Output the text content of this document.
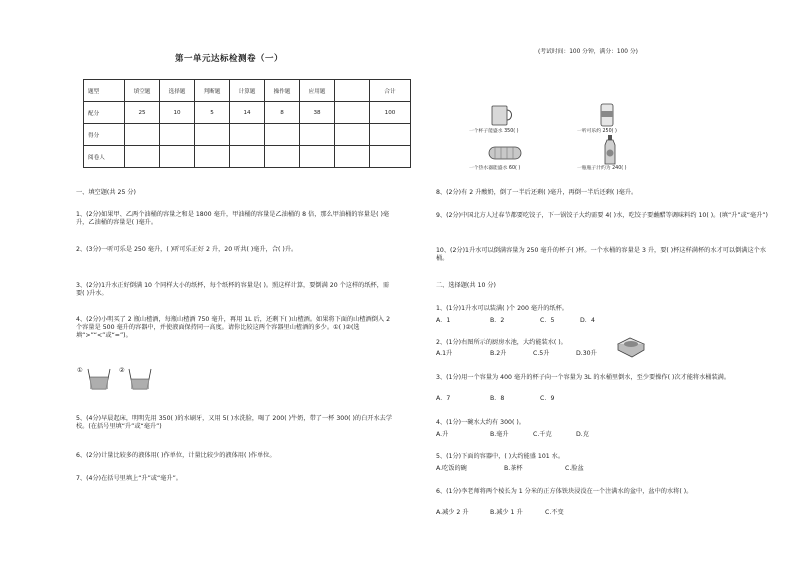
第一单元达标检测卷（一）
(考试时间：100 分钟，满分：100 分)
题型	填空题	选择题	判断题	计算题	操作题	应用题		合计
配分	25	10	5	14	8	38		100
得分								
阅卷人								
一、填空题(共 25 分)
1、(2分)如果甲、乙两个油桶的容量之和是 1800 毫升，甲油桶的容量是乙油桶的 8 倍，那么甲油桶的容量是( )毫升，乙油桶的容量是( )毫升。
2、(3分)一听可乐是 250 毫升，( )听可乐正好 2 升，20 听共( )毫升，合( )升。
3、(2分)1升水正好倒满 10 个同样大小的纸杯，每个纸杯的容量是( )。照这样计算，要倒满 20 个这样的纸杯，需要( )升水。
4、(2分)小明买了 2 瓶山楂酒，每瓶山楂酒 750 毫升，再用 1L 后，还剩下( )山楂酒。如果将下面的山楂酒倒入 2 个容量是 500 毫升的容器中，并使液面保持同一高度。请你比较这两个容器里山楂酒的多少。①( )②(选填“>”“<”或“=”)。
①	②
5、(4分)早晨起床，明明先用 350( )的水刷牙，又用 5( )水洗脸，喝了 200( )牛奶，带了一杯 300( )的白开水去学校。(在括号里填“升”或“毫升”)
6、(2分)计量比较多的液体用( )作单位，计量比较少的液体用( )作单位。
7、(4分)在括号里填上“升”或“毫升”。
一个杯子能盛水 350( )	一听可乐约 250( )
一个热水器能盛水 60( )	一瓶瓶子汁约为 240( )
8、(2分)有 2 升酸奶，倒了一半后还剩( )毫升，再倒一半后还剩( )毫升。
9、(2分)中国北方人过春节都要吃饺子，下一锅饺子大约需要 4( )水，吃饺子要蘸醋等调味料约 10( )。(填“升”或“毫升”)
10、(2分)1升水可以倒满容量为 250 毫升的杯子( )杯。一个水桶的容量是 3 升，要( )杯这样满杯的水才可以倒满这个水桶。
二、选择题(共 10 分)
1、(1分)1升水可以装满( )个 200 毫升的纸杯。
A．1	B．2	C．5	D．4
2、(1分)右图所示的厨房水池，大约能装水( )。
A.1升	B.2升	C.5升	D.30升
3、(1分)用一个容量为 400 毫升的杯子向一个容量为 3L 的水桶里倒水，至少要操作( )次才能将水桶装满。
A．7	B．8	C．9
4、(1分)一碗水大约有 300( )。
A.升	B.毫升	C.千克	D.克
5、(1分)下面的容器中，( )大约能盛 101 水。
A.吃饭的碗	B.茶杯	C.脸盆
6、(1分)李老师将两个棱长为 1 分米的正方体铁块浸没在一个注满水的盆中，盆中的水将( )。
A.减少 2 升	B.减少 1 升	C.不变
